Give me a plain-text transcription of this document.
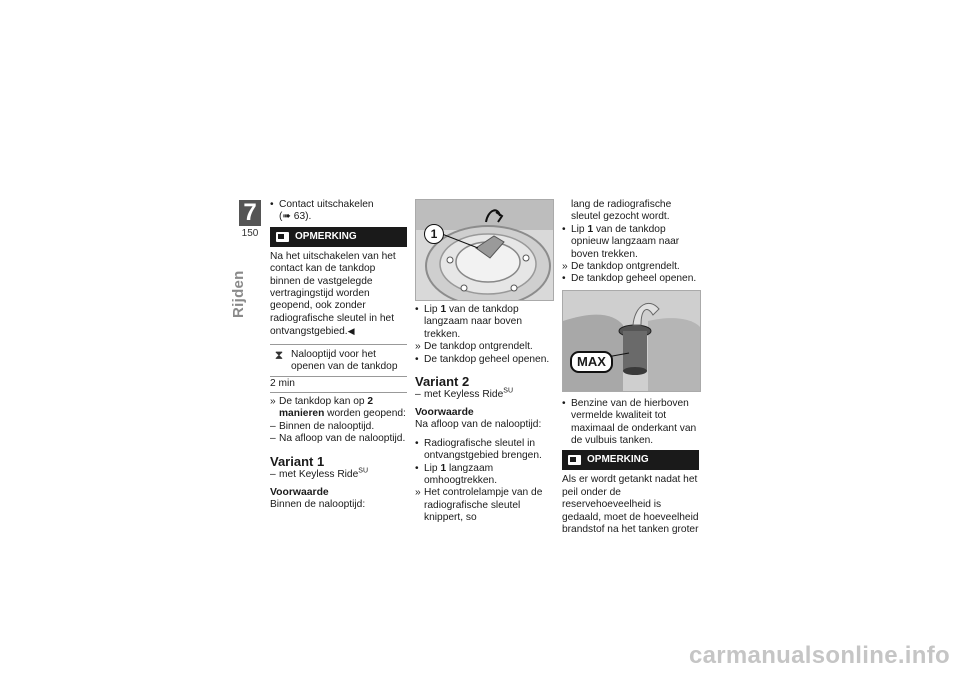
7
150
Rijden

• Contact uitschakelen (➠ 63).

OPMERKING

Na het uitschakelen van het contact kan de tankdop binnen de vastgelegde vertragingstijd worden geopend, ook zonder radiografische sleutel in het ontvangstgebied.◀

⧗ Nalooptijd voor het openen van de tankdop
2 min

» De tankdop kan op 2 manieren worden geopend:

– Binnen de nalooptijd.

– Na afloop van de nalooptijd.

Variant 1

– met Keyless Ride$^{SU}$

Voorwaarde

Binnen de nalooptijd:

1

• Lip 1 van de tankdop langzaam naar boven trekken.

» De tankdop ontgrendelt.

• De tankdop geheel openen.

Variant 2

– met Keyless Ride$^{SU}$

Voorwaarde

Na afloop van de nalooptijd:

• Radiografische sleutel in ontvangstgebied brengen.

• Lip 1 langzaam omhoogtrekken.

» Het controlelampje van de radiografische sleutel knippert, so

lang de radiografische sleutel gezocht wordt.

• Lip 1 van de tankdop opnieuw langzaam naar boven trekken.

» De tankdop ontgrendelt.

• De tankdop geheel openen.

MAX

• Benzine van de hierboven vermelde kwaliteit tot maximaal de onderkant van de vulbuis tanken.

OPMERKING

Als er wordt getankt nadat het peil onder de reservehoeveelheid is gedaald, moet de hoeveelheid brandstof na het tanken groter

carmanualsonline.info
